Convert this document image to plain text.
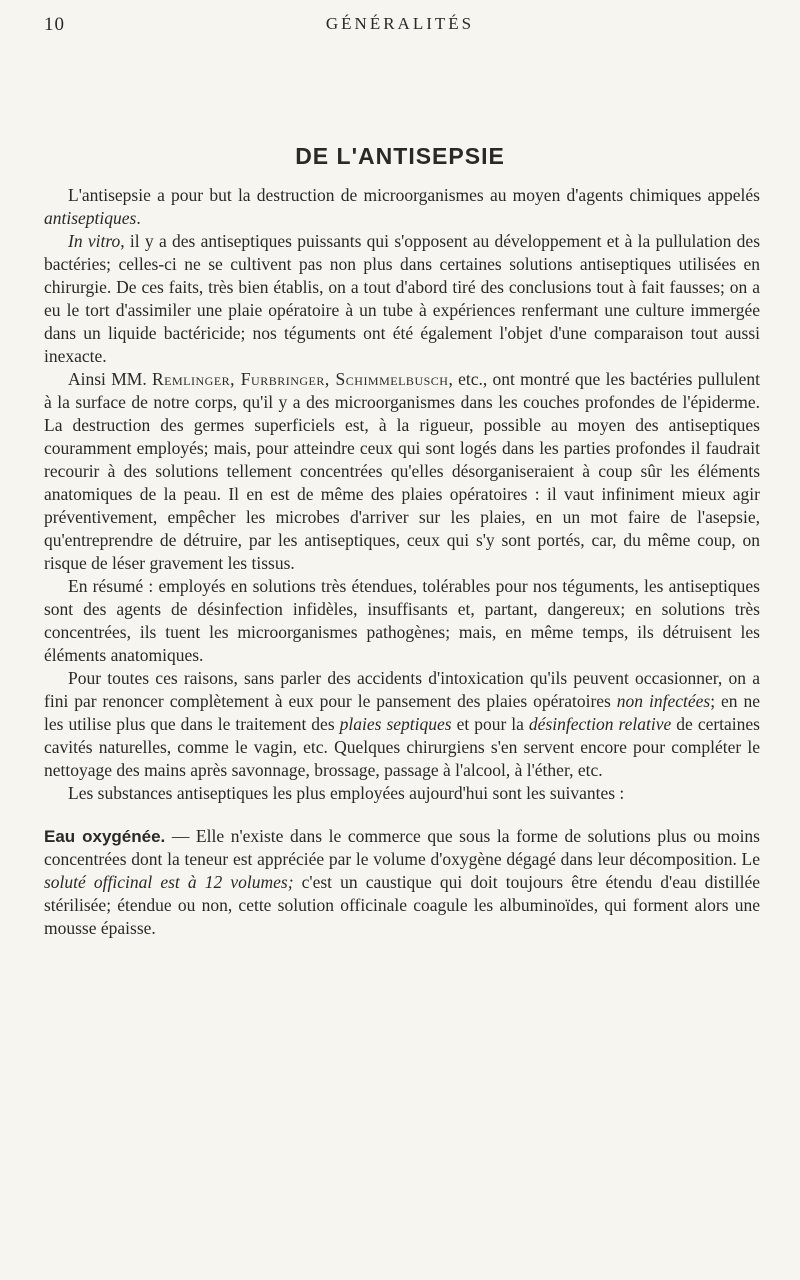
GÉNÉRALITÉS
10
DE L'ANTISEPSIE

L'antisepsie a pour but la destruction de microorganismes au moyen d'agents chimiques appelés antiseptiques.

In vitro, il y a des antiseptiques puissants qui s'opposent au développement et à la pullulation des bactéries; celles-ci ne se cultivent pas non plus dans certaines solutions antiseptiques utilisées en chirurgie. De ces faits, très bien établis, on a tout d'abord tiré des conclusions tout à fait fausses; on a eu le tort d'assimiler une plaie opératoire à un tube à expériences renfermant une culture immergée dans un liquide bactéricide; nos téguments ont été également l'objet d'une comparaison tout aussi inexacte.

Ainsi MM. Remlinger, Furbringer, Schimmelbusch, etc., ont montré que les bactéries pullulent à la surface de notre corps, qu'il y a des microorganismes dans les couches profondes de l'épiderme. La destruction des germes superficiels est, à la rigueur, possible au moyen des antiseptiques couramment employés; mais, pour atteindre ceux qui sont logés dans les parties profondes il faudrait recourir à des solutions tellement concentrées qu'elles désorganiseraient à coup sûr les éléments anatomiques de la peau. Il en est de même des plaies opératoires : il vaut infiniment mieux agir préventivement, empêcher les microbes d'arriver sur les plaies, en un mot faire de l'asepsie, qu'entreprendre de détruire, par les antiseptiques, ceux qui s'y sont portés, car, du même coup, on risque de léser gravement les tissus.

En résumé : employés en solutions très étendues, tolérables pour nos téguments, les antiseptiques sont des agents de désinfection infidèles, insuffisants et, partant, dangereux; en solutions très concentrées, ils tuent les microorganismes pathogènes; mais, en même temps, ils détruisent les éléments anatomiques.

Pour toutes ces raisons, sans parler des accidents d'intoxication qu'ils peuvent occasionner, on a fini par renoncer complètement à eux pour le pansement des plaies opératoires non infectées; en ne les utilise plus que dans le traitement des plaies septiques et pour la désinfection relative de certaines cavités naturelles, comme le vagin, etc. Quelques chirurgiens s'en servent encore pour compléter le nettoyage des mains après savonnage, brossage, passage à l'alcool, à l'éther, etc.

Les substances antiseptiques les plus employées aujourd'hui sont les suivantes :

Eau oxygénée. — Elle n'existe dans le commerce que sous la forme de solutions plus ou moins concentrées dont la teneur est appréciée par le volume d'oxygène dégagé dans leur décomposition. Le soluté officinal est à 12 volumes; c'est un caustique qui doit toujours être étendu d'eau distillée stérilisée; étendue ou non, cette solution officinale coagule les albuminoïdes, qui forment alors une mousse épaisse.
